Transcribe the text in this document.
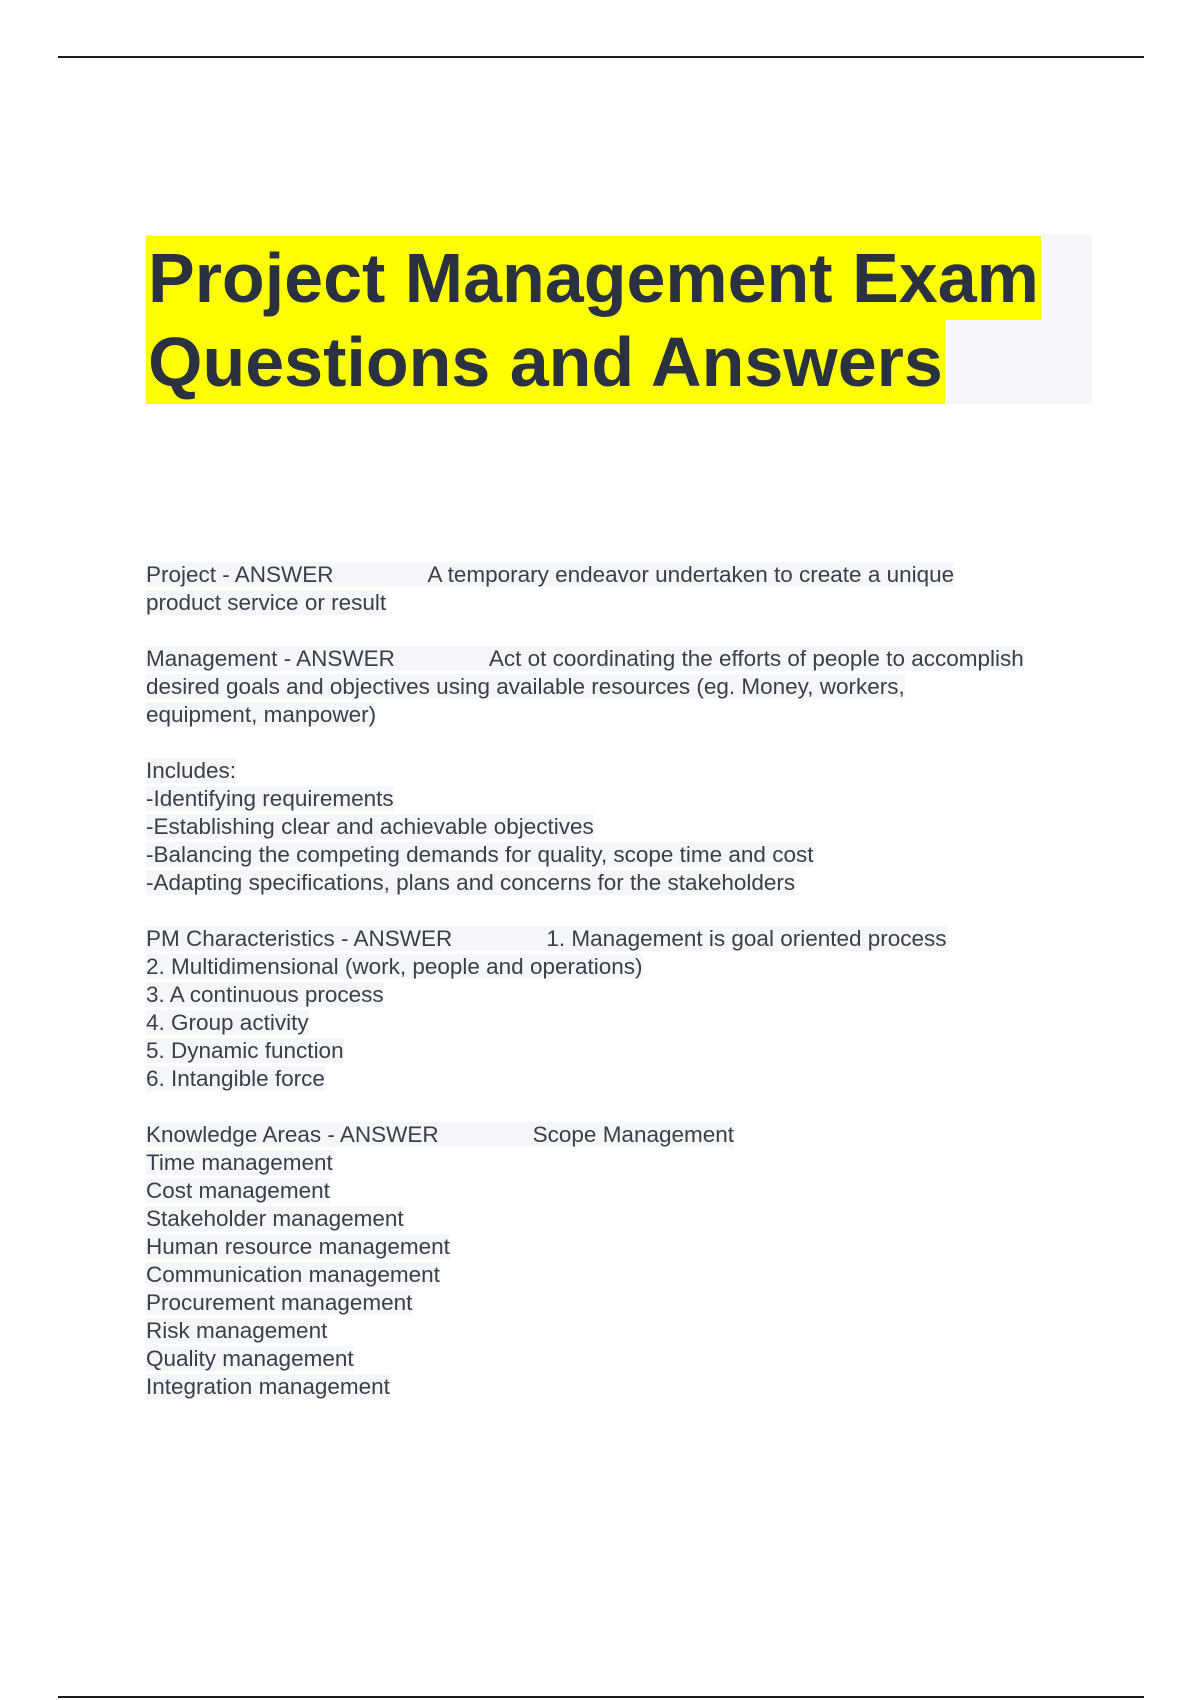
Project Management Exam
Questions and Answers
Project - ANSWER	A temporary endeavor undertaken to create a unique
product service or result
Management - ANSWER	Act ot coordinating the efforts of people to accomplish
desired goals and objectives using available resources (eg. Money, workers,
equipment, manpower)
Includes:
-Identifying requirements
-Establishing clear and achievable objectives
-Balancing the competing demands for quality, scope time and cost
-Adapting specifications, plans and concerns for the stakeholders
PM Characteristics - ANSWER	1. Management is goal oriented process
2. Multidimensional (work, people and operations)
3. A continuous process
4. Group activity
5. Dynamic function
6. Intangible force
Knowledge Areas - ANSWER	Scope Management
Time management
Cost management
Stakeholder management
Human resource management
Communication management
Procurement management
Risk management
Quality management
Integration management
